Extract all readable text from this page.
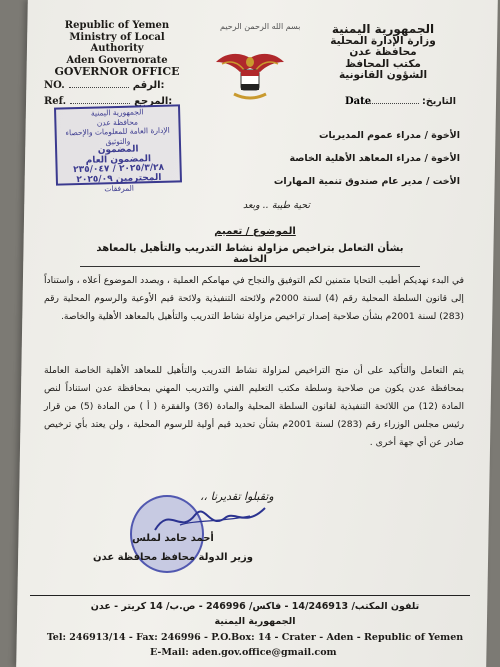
Republic of Yemen
Ministry of Local Authority
Aden Governorate
GOVERNOR OFFICE
NO.	الرقم:
Ref.	المرجع:
بسم الله الرحمن الرحيم	الجمهورية اليمنية
وزارة الإدارة المحلية
محافظة عدن
مكتب المحافظ
الشؤون القانونية
التاريخ:
Date
الجمهورية اليمنية
محافظة عدن
الإدارة العامة للمعلومات والإحصاء والتوثيق
المضمون
المضمون العام
٢٠٢٥/٣/٢٨ / ٢٣٥/٠٤٧
المحترمين ٢٠٢٥/٠٩
المرفقات
الأخوة / مدراء عموم المديريات
الأخوة / مدراء المعاهد الأهلية الخاصة
الأخت / مدير عام صندوق تنمية المهارات
تحية طيبة .. وبعد
الموضوع / تعميم
بشأن التعامل بتراخيص مزاولة نشاط التدريب والتأهيل بالمعاهد الخاصة
في البدء نهديكم أطيب التحايا متمنين لكم التوفيق والنجاح في مهامكم العملية ، ويصدد الموضوع أعلاه ، واستناداً إلى قانون السلطة المحلية رقم (4) لسنة 2000م ولائحته التنفيذية ولائحة قيم الأوعية والرسوم المحلية رقم (283) لسنة 2001م بشأن صلاحية إصدار تراخيص مزاولة نشاط التدريب والتأهيل بالمعاهد الأهلية والخاصة.
يتم التعامل والتأكيد على أن منح التراخيص لمزاولة نشاط التدريب والتأهيل للمعاهد الأهلية الخاصة العاملة بمحافظة عدن يكون من صلاحية وسلطة مكتب التعليم الفني والتدريب المهني بمحافظة عدن استناداً لنص المادة (12) من اللائحة التنفيذية لقانون السلطة المحلية والمادة (36) والفقرة ( أ ) من المادة (5) من قرار رئيس مجلس الوزراء رقم (283) لسنة 2001م بشأن تحديد قيم أولية للرسوم المحلية ، ولن يعتد بأي ترخيص صادر عن أي جهة أخرى .
وتقبلوا تقديرنا ،،
أحمد حامد لملس
وزير الدولة محافظ محافظة عدن
تلفون المكتب/ 14/246913 - فاكس/ 246996 - ص.ب/ 14 كريتر - عدن
الجمهورية اليمنية
Tel: 246913/14 - Fax: 246996 - P.O.Box: 14 - Crater - Aden - Republic of Yemen
E-Mail: aden.gov.office@gmail.com
